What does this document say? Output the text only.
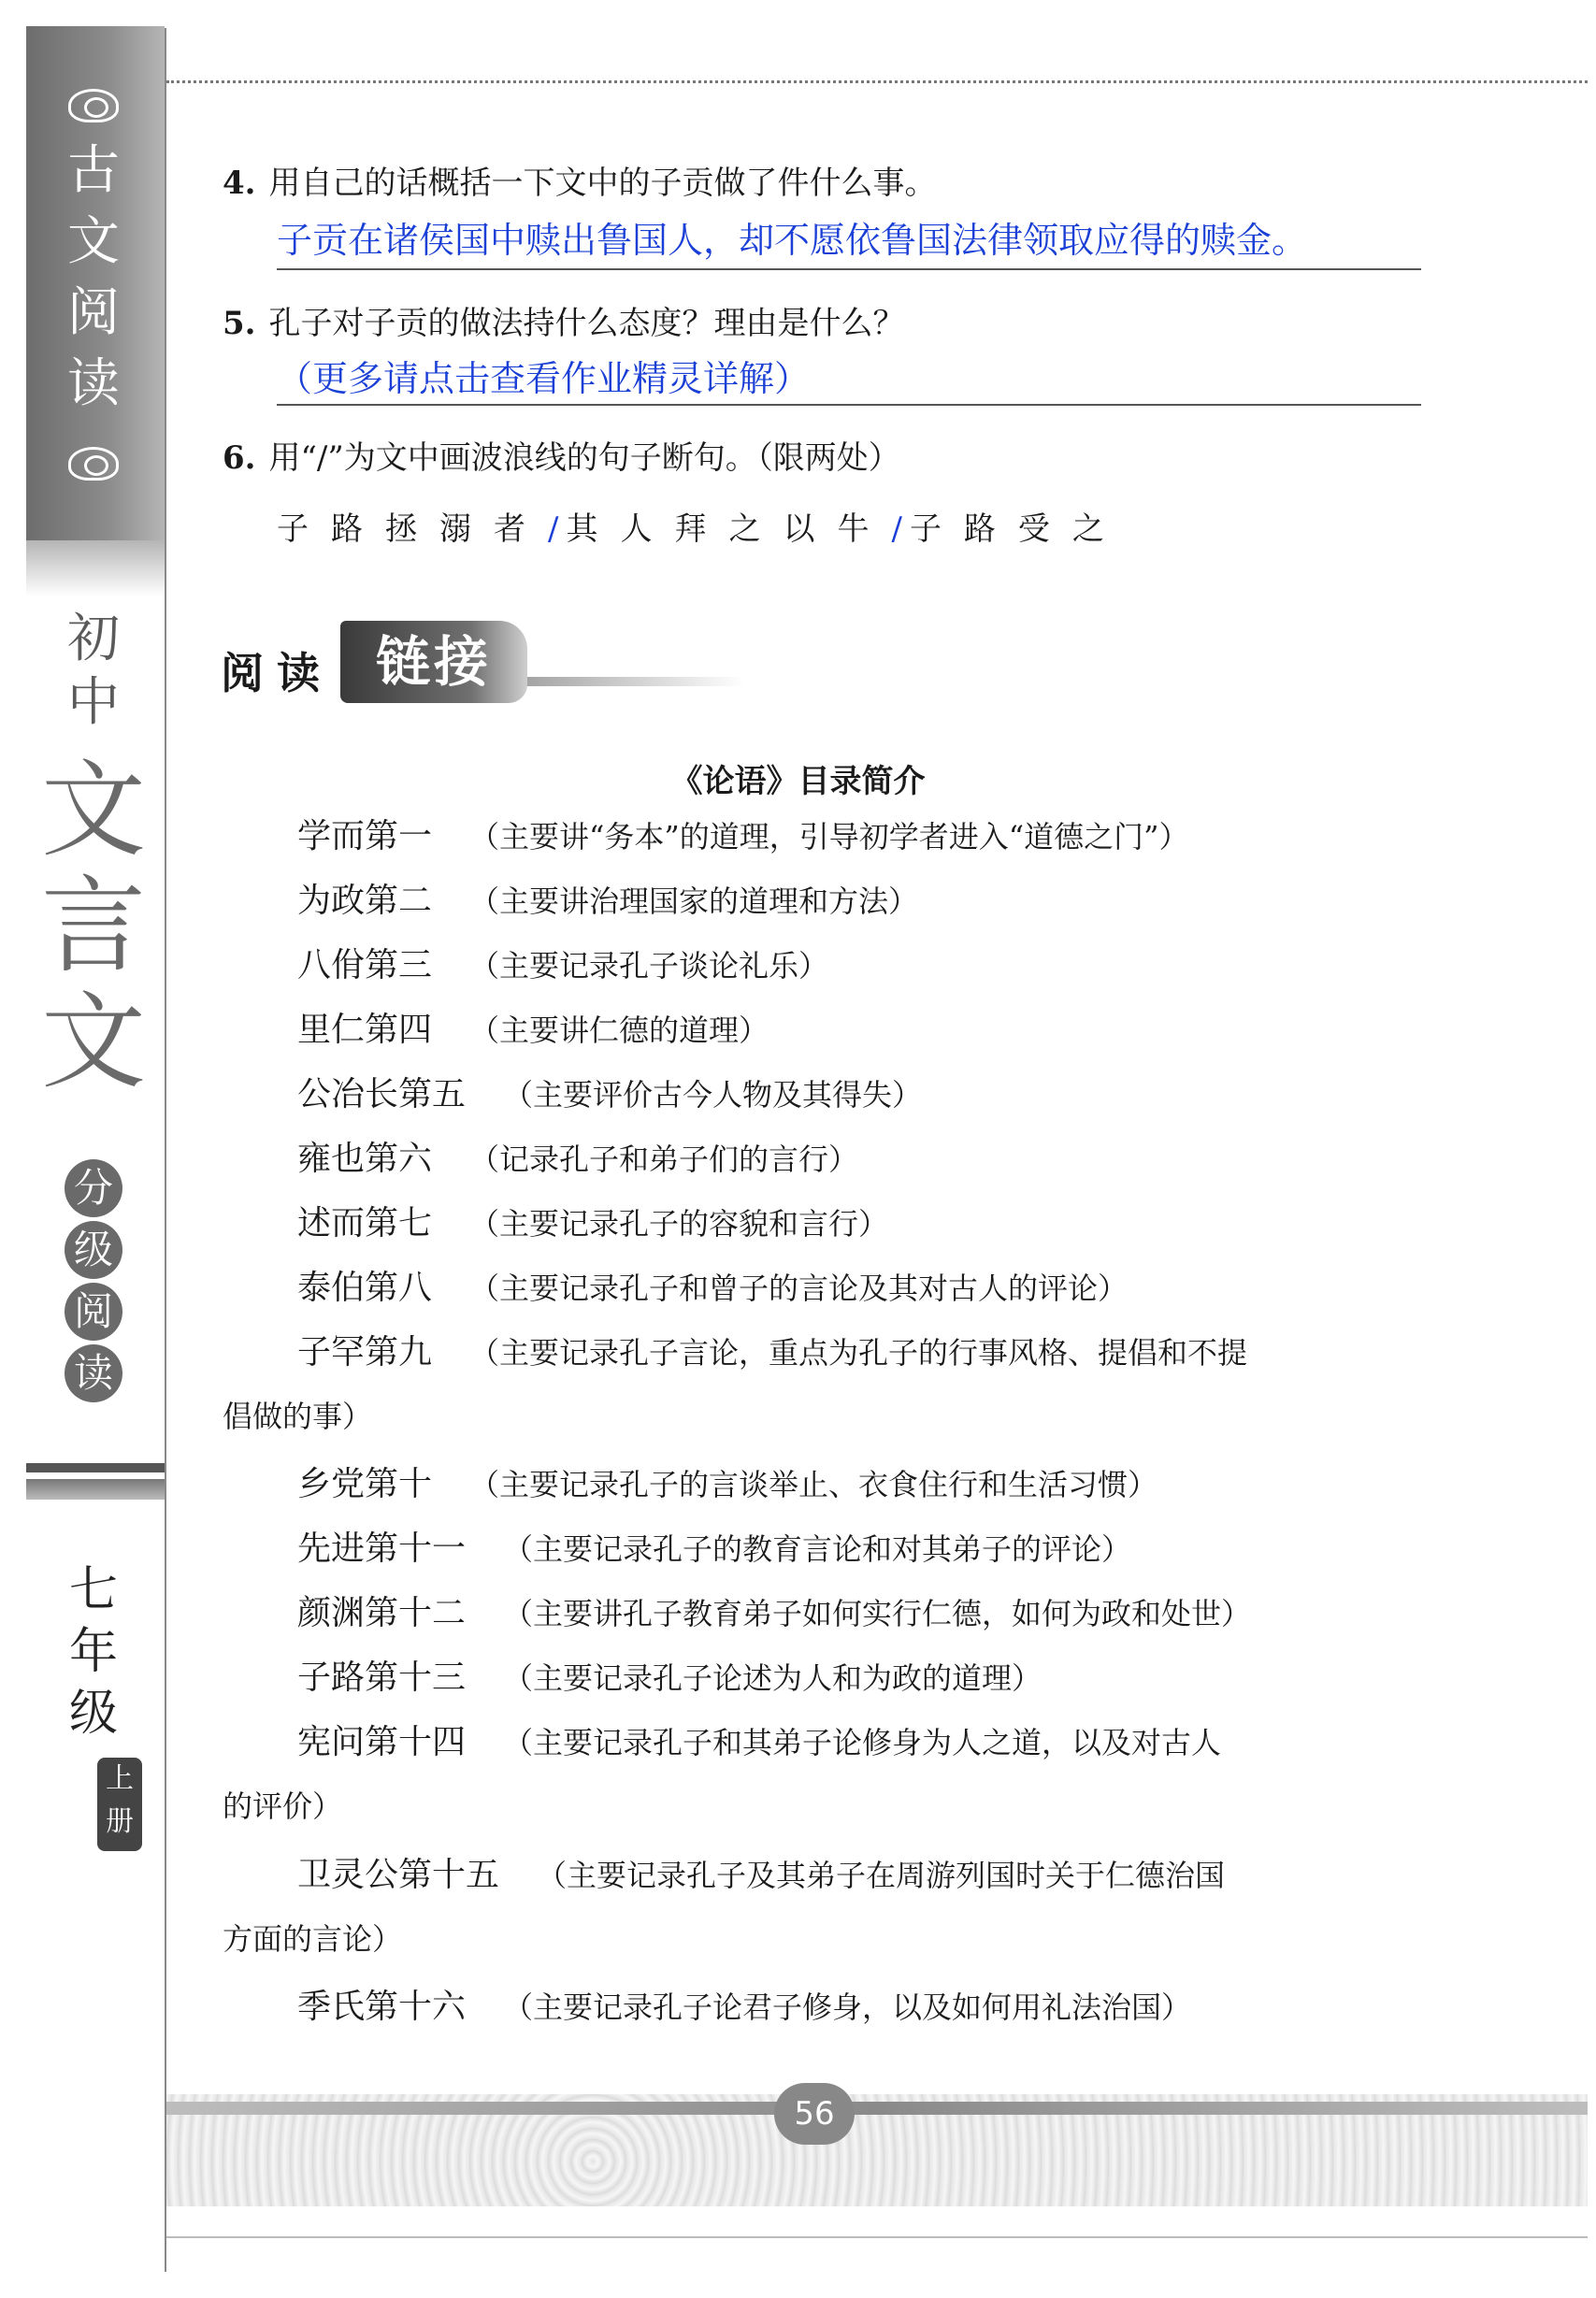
古
文
阅
读
初
中
文
言
文
分
级
阅
读
七
年
级
上
册
4. 用自己的话概括一下文中的子贡做了件什么事。
子贡在诸侯国中赎出鲁国人，却不愿依鲁国法律领取应得的赎金。
5. 孔子对子贡的做法持什么态度？理由是什么？
（更多请点击查看作业精灵详解）
6. 用“/”为文中画波浪线的句子断句。（限两处）
子路拯溺者/ 其人拜之以牛/ 子路受之
阅读 链接
《论语》目录简介
学而第一 （主要讲“务本”的道理，引导初学者进入“道德之门”）
为政第二 （主要讲治理国家的道理和方法）
八佾第三 （主要记录孔子谈论礼乐）
里仁第四 （主要讲仁德的道理）
公冶长第五 （主要评价古今人物及其得失）
雍也第六 （记录孔子和弟子们的言行）
述而第七 （主要记录孔子的容貌和言行）
泰伯第八 （主要记录孔子和曾子的言论及其对古人的评论）
子罕第九 （主要记录孔子言论，重点为孔子的行事风格、提倡和不提
倡做的事）
乡党第十 （主要记录孔子的言谈举止、衣食住行和生活习惯）
先进第十一 （主要记录孔子的教育言论和对其弟子的评论）
颜渊第十二 （主要讲孔子教育弟子如何实行仁德，如何为政和处世）
子路第十三 （主要记录孔子论述为人和为政的道理）
宪问第十四 （主要记录孔子和其弟子论修身为人之道，以及对古人
的评价）
卫灵公第十五 （主要记录孔子及其弟子在周游列国时关于仁德治国
方面的言论）
季氏第十六 （主要记录孔子论君子修身，以及如何用礼法治国）
56
